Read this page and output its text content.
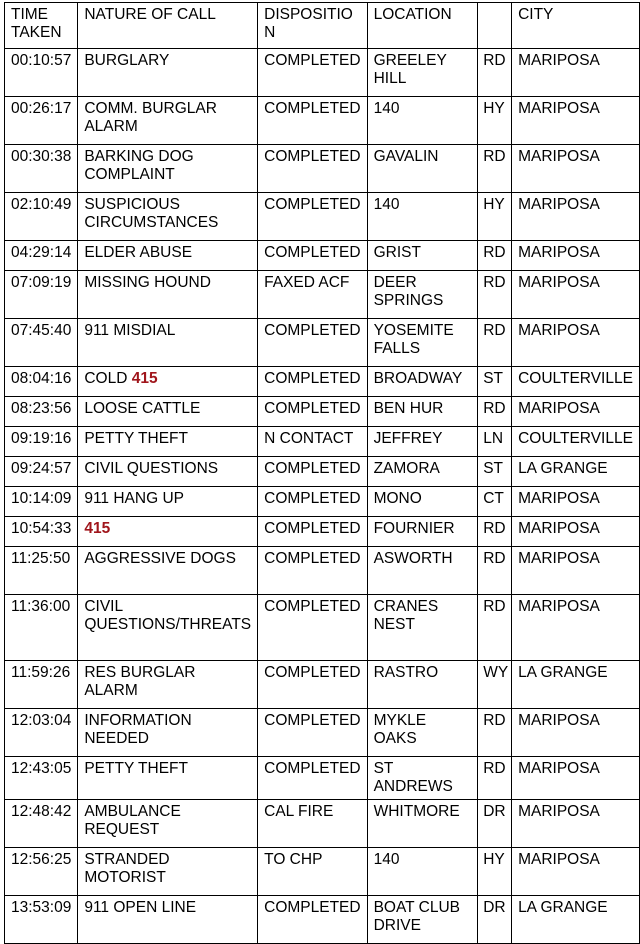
TIME TAKEN	NATURE OF CALL	DISPOSITIO N	LOCATION		CITY
00:10:57	BURGLARY	COMPLETED	GREELEY HILL	RD	MARIPOSA
00:26:17	COMM. BURGLAR ALARM	COMPLETED	140	HY	MARIPOSA
00:30:38	BARKING DOG COMPLAINT	COMPLETED	GAVALIN	RD	MARIPOSA
02:10:49	SUSPICIOUS CIRCUMSTANCES	COMPLETED	140	HY	MARIPOSA
04:29:14	ELDER ABUSE	COMPLETED	GRIST	RD	MARIPOSA
07:09:19	MISSING HOUND	FAXED ACF	DEER SPRINGS	RD	MARIPOSA
07:45:40	911 MISDIAL	COMPLETED	YOSEMITE FALLS	RD	MARIPOSA
08:04:16	COLD 415	COMPLETED	BROADWAY	ST	COULTERVILLE
08:23:56	LOOSE CATTLE	COMPLETED	BEN HUR	RD	MARIPOSA
09:19:16	PETTY THEFT	N CONTACT	JEFFREY	LN	COULTERVILLE
09:24:57	CIVIL QUESTIONS	COMPLETED	ZAMORA	ST	LA GRANGE
10:14:09	911 HANG UP	COMPLETED	MONO	CT	MARIPOSA
10:54:33	415	COMPLETED	FOURNIER	RD	MARIPOSA
11:25:50	AGGRESSIVE DOGS	COMPLETED	ASWORTH	RD	MARIPOSA
11:36:00	CIVIL QUESTIONS/THREATS	COMPLETED	CRANES NEST	RD	MARIPOSA
11:59:26	RES BURGLAR ALARM	COMPLETED	RASTRO	WY	LA GRANGE
12:03:04	INFORMATION NEEDED	COMPLETED	MYKLE OAKS	RD	MARIPOSA
12:43:05	PETTY THEFT	COMPLETED	ST ANDREWS	RD	MARIPOSA
12:48:42	AMBULANCE REQUEST	CAL FIRE	WHITMORE	DR	MARIPOSA
12:56:25	STRANDED MOTORIST	TO CHP	140	HY	MARIPOSA
13:53:09	911 OPEN LINE	COMPLETED	BOAT CLUB DRIVE	DR	LA GRANGE
